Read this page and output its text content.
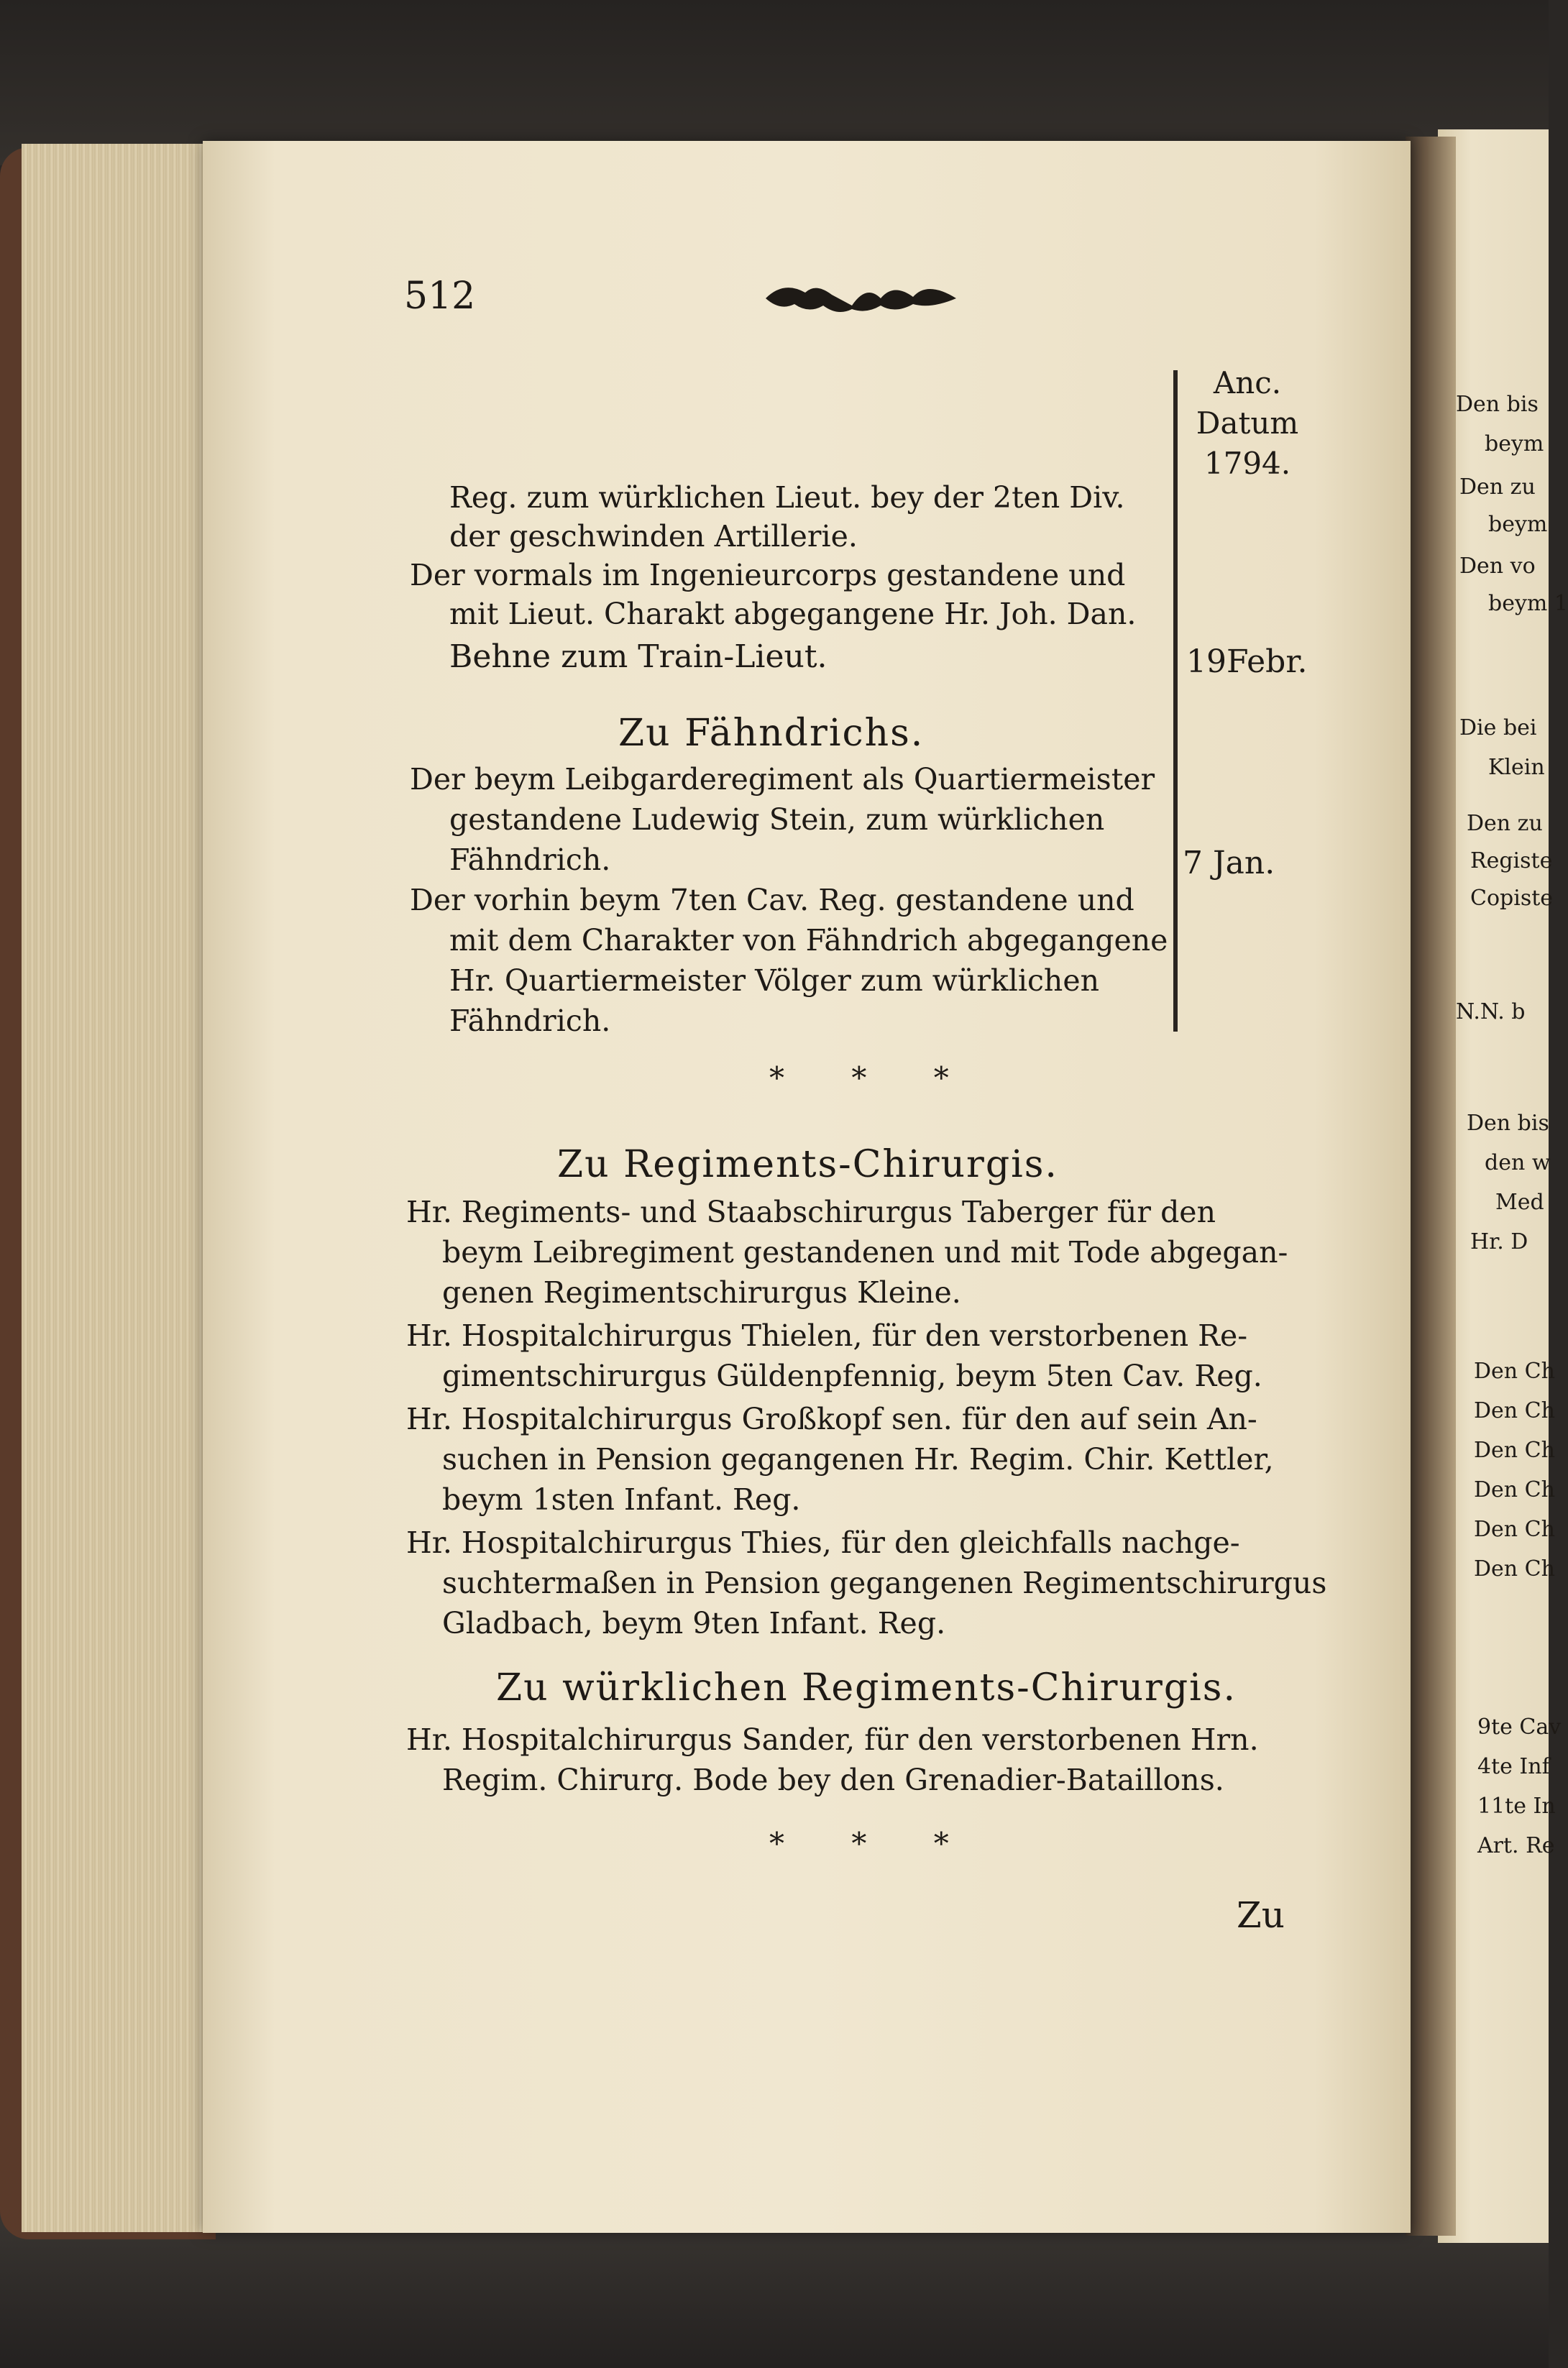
512
Anc.
Datum
1794.
19Febr.
7 Jan.
Reg. zum würklichen Lieut. bey der 2ten Div.
der geschwinden Artillerie.
Der vormals im Ingenieurcorps gestandene und
mit Lieut. Charakt abgegangene Hr. Joh. Dan.
Behne zum Train-Lieut.
Zu Fähndrichs.
Der beym Leibgarderegiment als Quartiermeister
gestandene Ludewig Stein, zum würklichen
Fähndrich.
Der vorhin beym 7ten Cav. Reg. gestandene und
mit dem Charakter von Fähndrich abgegangene
Hr. Quartiermeister Völger zum würklichen
Fähndrich.
* * *
Zu Regiments-Chirurgis.
Hr. Regiments- und Staabschirurgus Taberger für den
beym Leibregiment gestandenen und mit Tode abgegan-
genen Regimentschirurgus Kleine.
Hr. Hospitalchirurgus Thielen, für den verstorbenen Re-
gimentschirurgus Güldenpfennig, beym 5ten Cav. Reg.
Hr. Hospitalchirurgus Großkopf sen. für den auf sein An-
suchen in Pension gegangenen Hr. Regim. Chir. Kettler,
beym 1sten Infant. Reg.
Hr. Hospitalchirurgus Thies, für den gleichfalls nachge-
suchtermaßen in Pension gegangenen Regimentschirurgus
Gladbach, beym 9ten Infant. Reg.
Zu würklichen Regiments-Chirurgis.
Hr. Hospitalchirurgus Sander, für den verstorbenen Hrn.
Regim. Chirurg. Bode bey den Grenadier-Bataillons.
* * *
Zu
Den bis
beym
Den zu
beym
Den vo
beym 1
Die bei
Klein
Den zu
Registe
Copiste
N.N. b
Den bis
den w
Med
Hr. D
Den Ch
Den Ch
Den Ch
Den Ch
Den Ch
Den Ch
9te Cav
4te Inf
11te In
Art. Re
